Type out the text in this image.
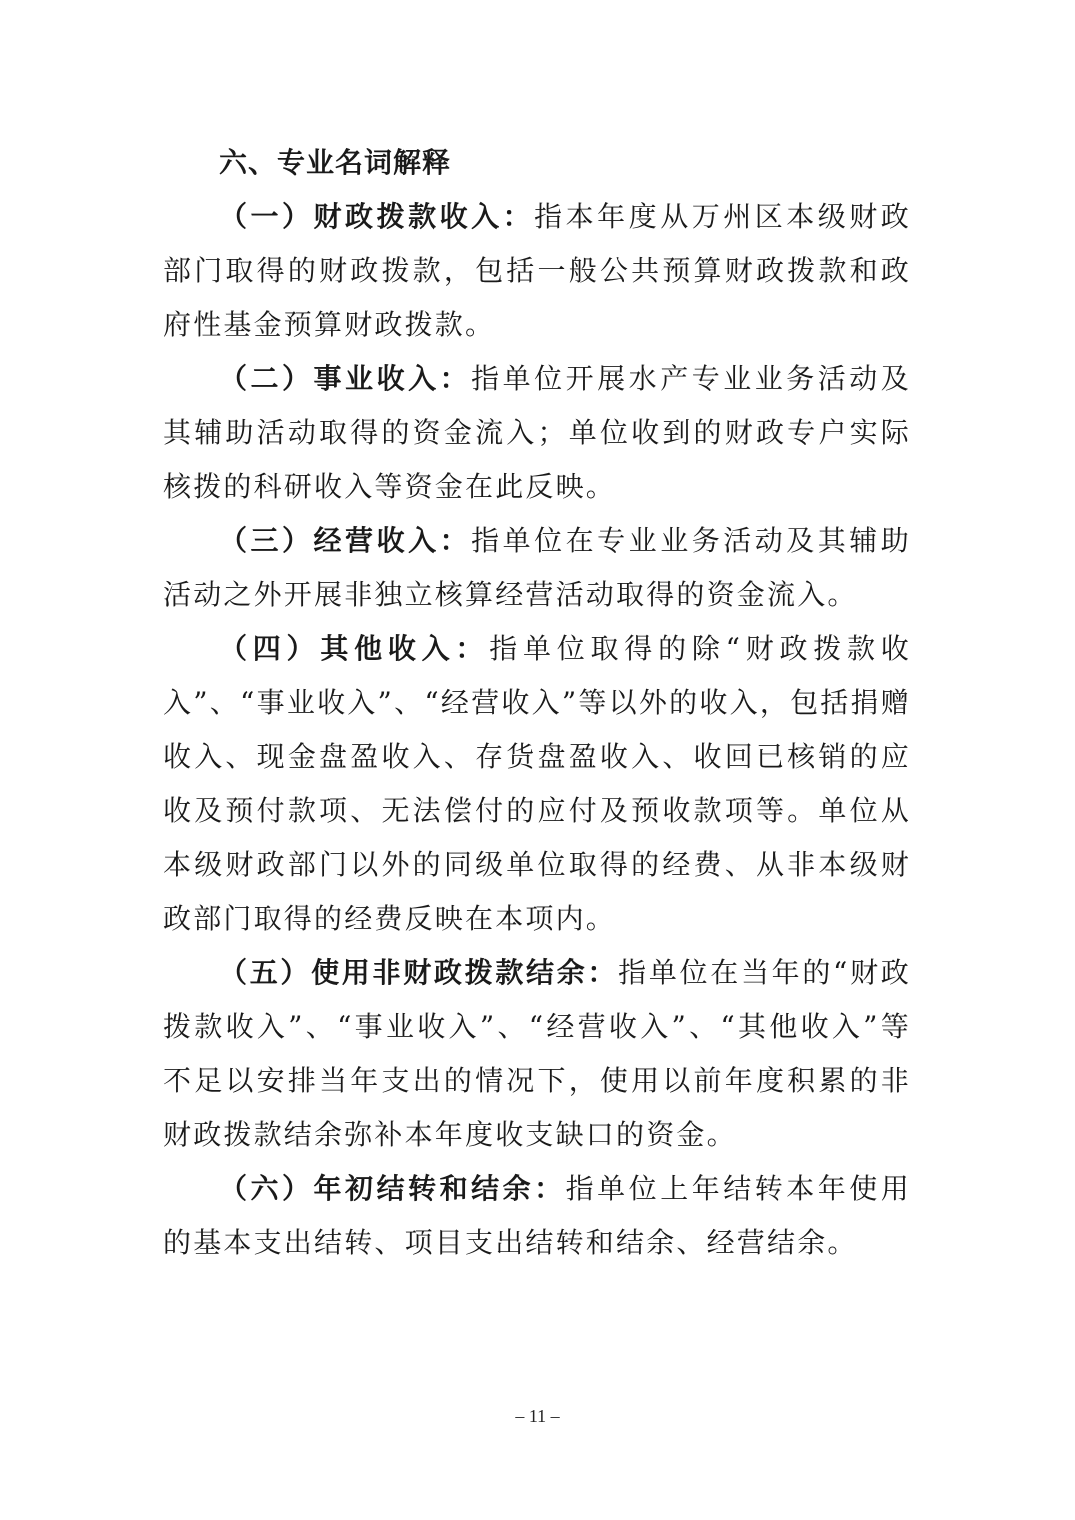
六、专业名词解释

（一）财政拨款收入：指本年度从万州区本级财政部门取得的财政拨款，包括一般公共预算财政拨款和政府性基金预算财政拨款。

（二）事业收入：指单位开展水产专业业务活动及其辅助活动取得的资金流入；单位收到的财政专户实际核拨的科研收入等资金在此反映。

（三）经营收入：指单位在专业业务活动及其辅助活动之外开展非独立核算经营活动取得的资金流入。

（四）其他收入：指单位取得的除“财政拨款收入”、“事业收入”、“经营收入”等以外的收入，包括捐赠收入、现金盘盈收入、存货盘盈收入、收回已核销的应收及预付款项、无法偿付的应付及预收款项等。单位从本级财政部门以外的同级单位取得的经费、从非本级财政部门取得的经费反映在本项内。

（五）使用非财政拨款结余：指单位在当年的“财政拨款收入”、“事业收入”、“经营收入”、“其他收入”等不足以安排当年支出的情况下，使用以前年度积累的非财政拨款结余弥补本年度收支缺口的资金。

（六）年初结转和结余：指单位上年结转本年使用的基本支出结转、项目支出结转和结余、经营结余。

– 11 –
